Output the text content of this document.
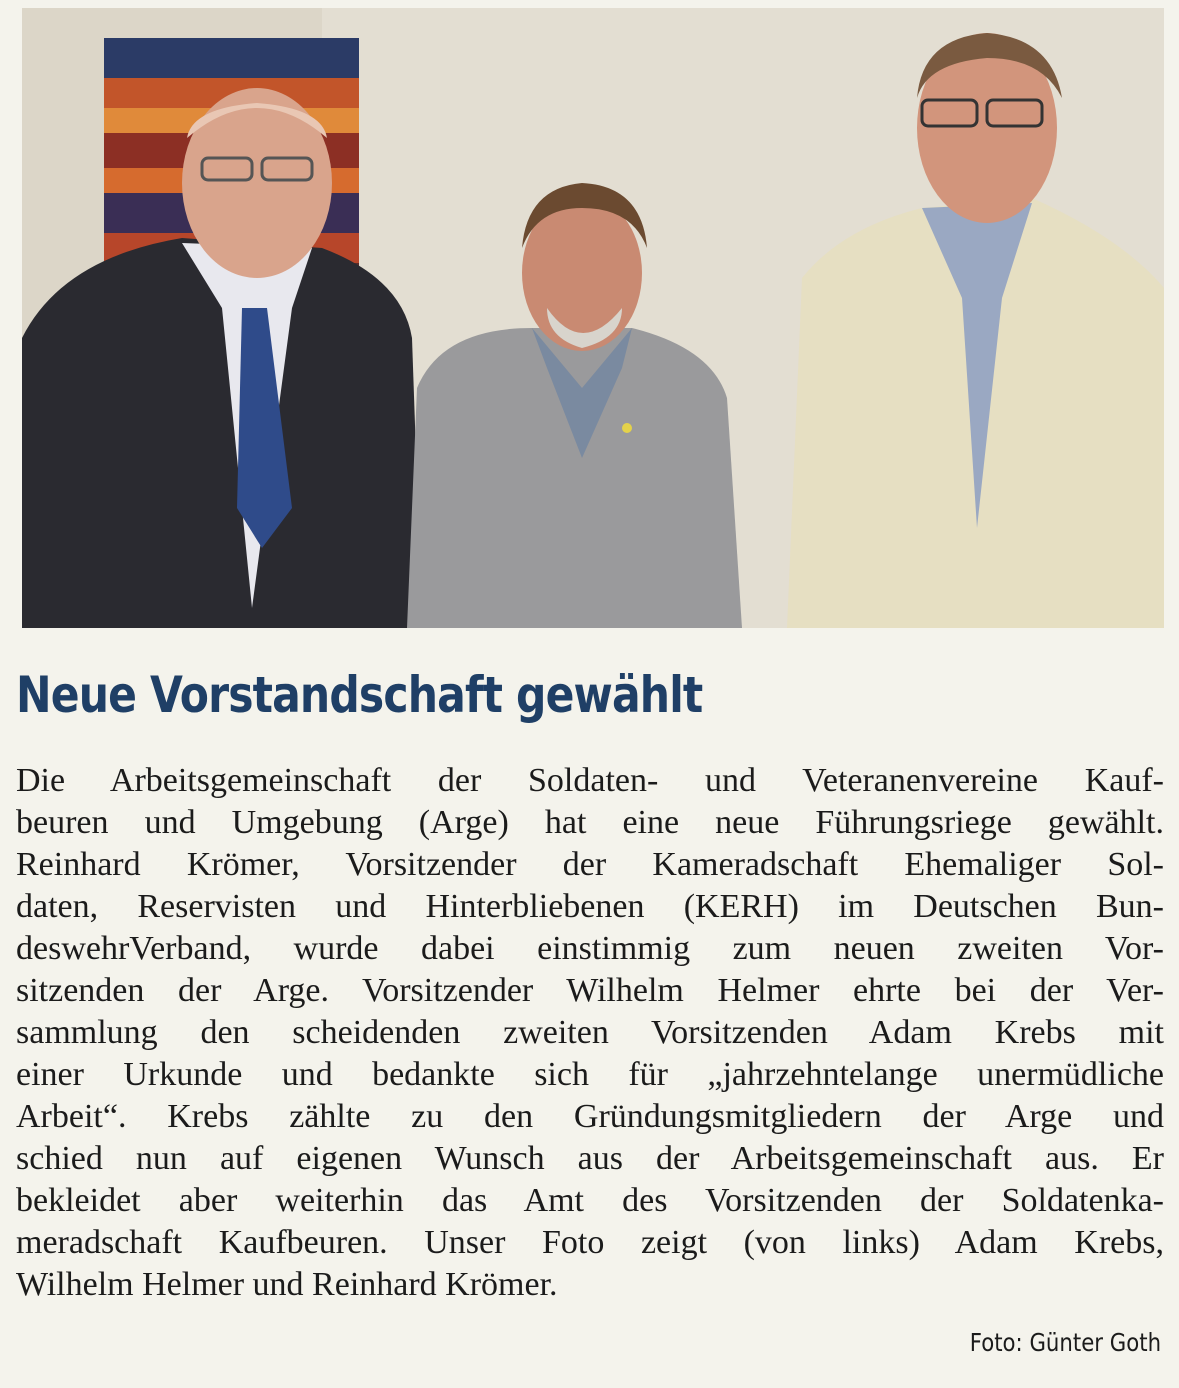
Neue Vorstandschaft gewählt
Die Arbeitsgemeinschaft der Soldaten- und Veteranenvereine Kauf-
beuren und Umgebung (Arge) hat eine neue Führungsriege gewählt.
Reinhard Krömer, Vorsitzender der Kameradschaft Ehemaliger Sol-
daten, Reservisten und Hinterbliebenen (KERH) im Deutschen Bun-
deswehrVerband, wurde dabei einstimmig zum neuen zweiten Vor-
sitzenden der Arge. Vorsitzender Wilhelm Helmer ehrte bei der Ver-
sammlung den scheidenden zweiten Vorsitzenden Adam Krebs mit
einer Urkunde und bedankte sich für „jahrzehntelange unermüdliche
Arbeit“. Krebs zählte zu den Gründungsmitgliedern der Arge und
schied nun auf eigenen Wunsch aus der Arbeitsgemeinschaft aus. Er
bekleidet aber weiterhin das Amt des Vorsitzenden der Soldatenka-
meradschaft Kaufbeuren. Unser Foto zeigt (von links) Adam Krebs,
Wilhelm Helmer und Reinhard Krömer.
Foto: Günter Goth
